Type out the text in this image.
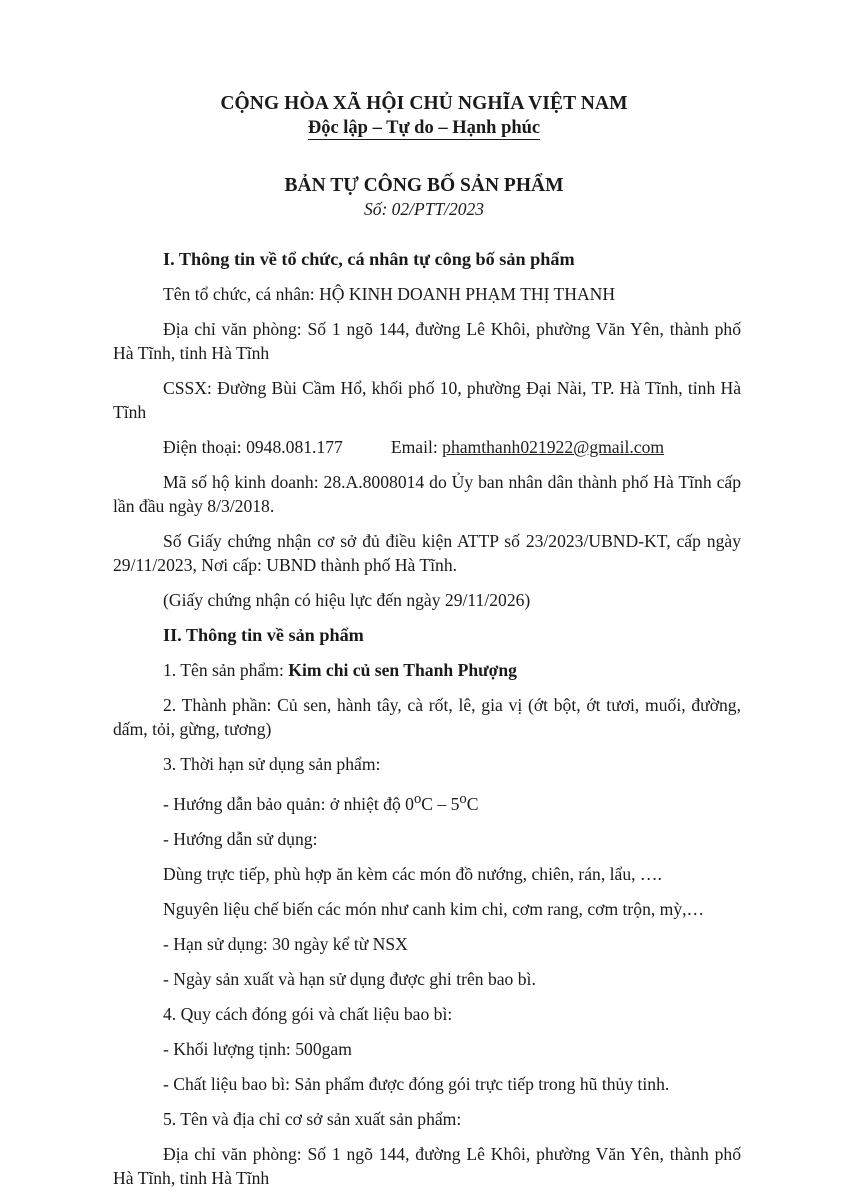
CỘNG HÒA XÃ HỘI CHỦ NGHĨA VIỆT NAM
Độc lập – Tự do – Hạnh phúc
BẢN TỰ CÔNG BỐ SẢN PHẨM
Số: 02/PTT/2023

I. Thông tin về tổ chức, cá nhân tự công bố sản phẩm

Tên tổ chức, cá nhân: HỘ KINH DOANH PHẠM THỊ THANH

Địa chỉ văn phòng: Số 1 ngõ 144, đường Lê Khôi, phường Văn Yên, thành phố Hà Tĩnh, tỉnh Hà Tĩnh

CSSX: Đường Bùi Cầm Hổ, khối phố 10, phường Đại Nài, TP. Hà Tĩnh, tỉnh Hà Tĩnh

Điện thoại: 0948.081.177	Email: phamthanh021922@gmail.com

Mã số hộ kinh doanh: 28.A.8008014 do Ủy ban nhân dân thành phố Hà Tĩnh cấp lần đầu ngày 8/3/2018.

Số Giấy chứng nhận cơ sở đủ điều kiện ATTP số 23/2023/UBND-KT, cấp ngày 29/11/2023, Nơi cấp: UBND thành phố Hà Tĩnh.

(Giấy chứng nhận có hiệu lực đến ngày 29/11/2026)

II. Thông tin về sản phẩm

1. Tên sản phẩm: Kim chi củ sen Thanh Phượng

2. Thành phần: Củ sen, hành tây, cà rốt, lê, gia vị (ớt bột, ớt tươi, muối, đường, dấm, tỏi, gừng, tương)

3. Thời hạn sử dụng sản phẩm:

- Hướng dẫn bảo quản: ở nhiệt độ 0$^o$C – 5$^o$C

- Hướng dẫn sử dụng:

Dùng trực tiếp, phù hợp ăn kèm các món đồ nướng, chiên, rán, lẩu, ….

Nguyên liệu chế biến các món như canh kim chi, cơm rang, cơm trộn, mỳ,…

- Hạn sử dụng: 30 ngày kể từ NSX

- Ngày sản xuất và hạn sử dụng được ghi trên bao bì.

4. Quy cách đóng gói và chất liệu bao bì:

- Khối lượng tịnh: 500gam

- Chất liệu bao bì: Sản phẩm được đóng gói trực tiếp trong hũ thủy tinh.

5. Tên và địa chỉ cơ sở sản xuất sản phẩm:

Địa chỉ văn phòng: Số 1 ngõ 144, đường Lê Khôi, phường Văn Yên, thành phố Hà Tĩnh, tỉnh Hà Tĩnh
